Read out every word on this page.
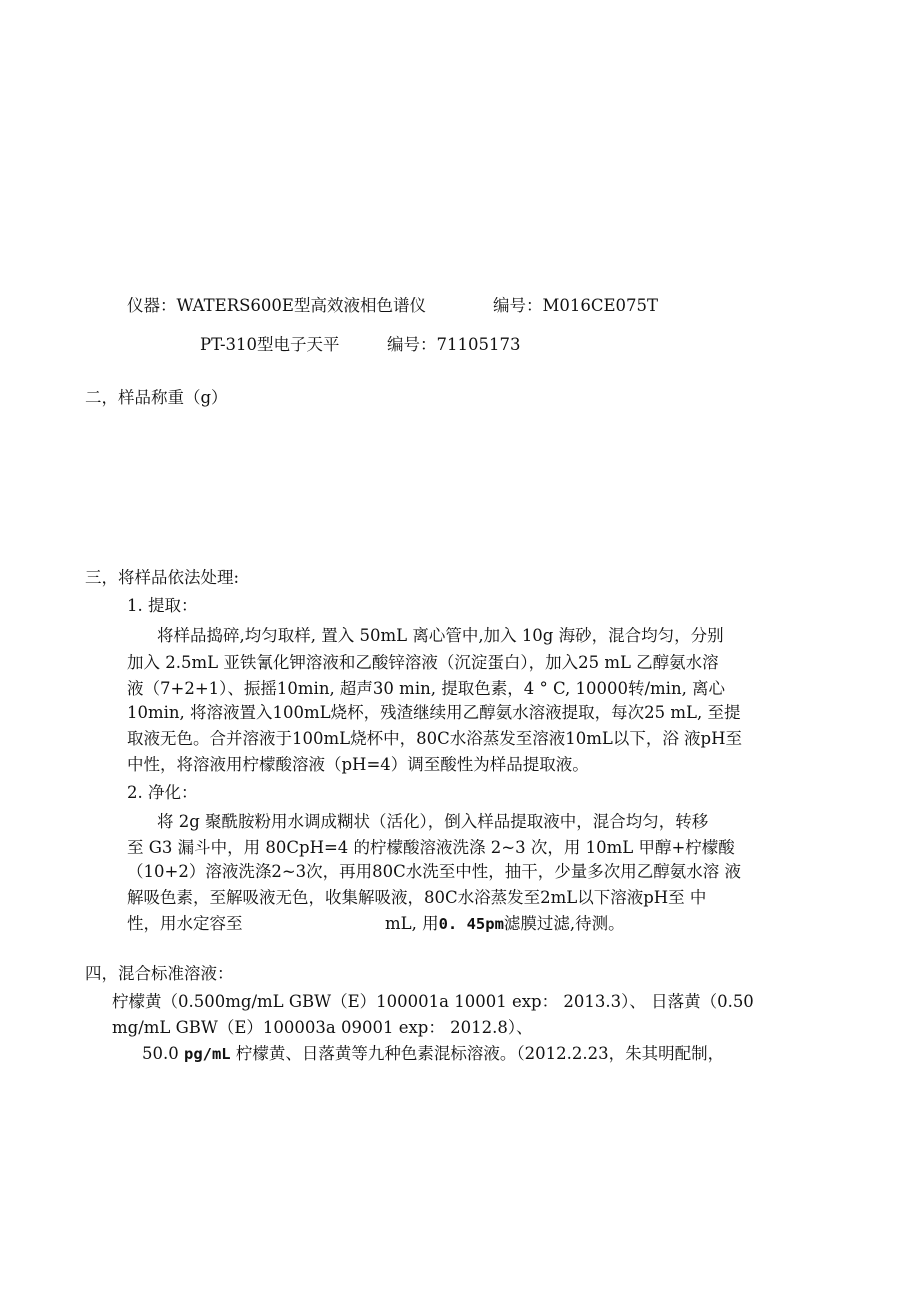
仪器：WATERS600E型高效液相色谱仪	编号：M016CE075T
PT-310型电子天平	编号：71105173
二，样品称重（g）
三，将样品依法处理:
1. 提取：
将样品捣碎,均匀取样, 置入 50mL 离心管中,加入 10g 海砂，混合均匀，分别
加入 2.5mL 亚铁氰化钾溶液和乙酸锌溶液（沉淀蛋白），加入25 mL 乙醇氨水溶
液（7+2+1）、振摇10min, 超声30 min, 提取色素，4 ° C, 10000转/min, 离心
10min, 将溶液置入100mL烧杯，残渣继续用乙醇氨水溶液提取，每次25 mL, 至提
取液无色。合并溶液于100mL烧杯中，80C水浴蒸发至溶液10mL以下，浴 液pH至
中性，将溶液用柠檬酸溶液（pH=4）调至酸性为样品提取液。
2. 净化：
将 2g 聚酰胺粉用水调成糊状（活化），倒入样品提取液中，混合均匀，转移
至 G3 漏斗中，用 80CpH=4 的柠檬酸溶液洗涤 2~3 次，用 10mL 甲醇+柠檬酸
（10+2）溶液洗涤2~3次，再用80C水洗至中性，抽干，少量多次用乙醇氨水溶 液
解吸色素，至解吸液无色，收集解吸液，80C水浴蒸发至2mL以下溶液pH至 中
性，用水定容至	mL, 用0. 45pm滤膜过滤,待测。
四，混合标准溶液：
柠檬黄（0.500mg/mL GBW（E）100001a 10001 exp： 2013.3）、 日落黄（0.50
mg/mL GBW（E）100003a 09001 exp： 2012.8）、
50.0 pg/mL 柠檬黄、日落黄等九种色素混标溶液。（2012.2.23，朱其明配制，
